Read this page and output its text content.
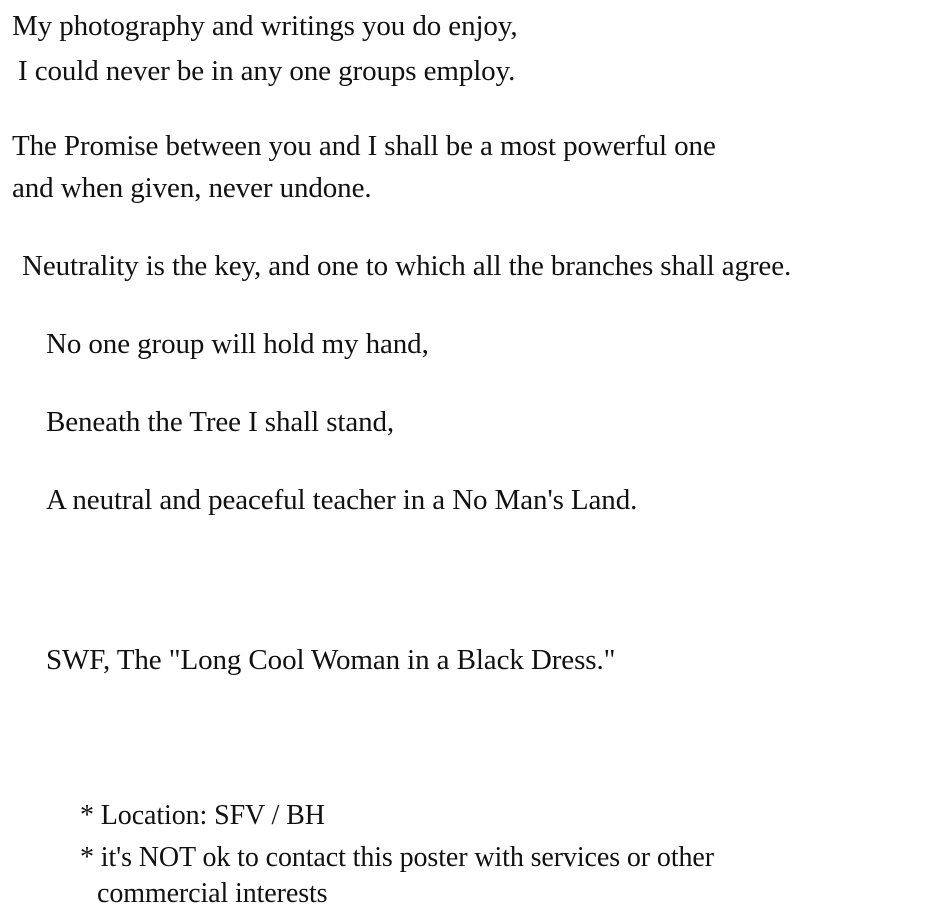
My photography and writings you do enjoy,
I could never be in any one groups employ.
The Promise between you and I shall be a most powerful one
and when given, never undone.
Neutrality is the key, and one to which all the branches shall agree.
No one group will hold my hand,
Beneath the Tree I shall stand,
A neutral and peaceful teacher in a No Man's Land.
SWF, The "Long Cool Woman in a Black Dress."
* Location: SFV / BH
* it's NOT ok to contact this poster with services or other
commercial interests
